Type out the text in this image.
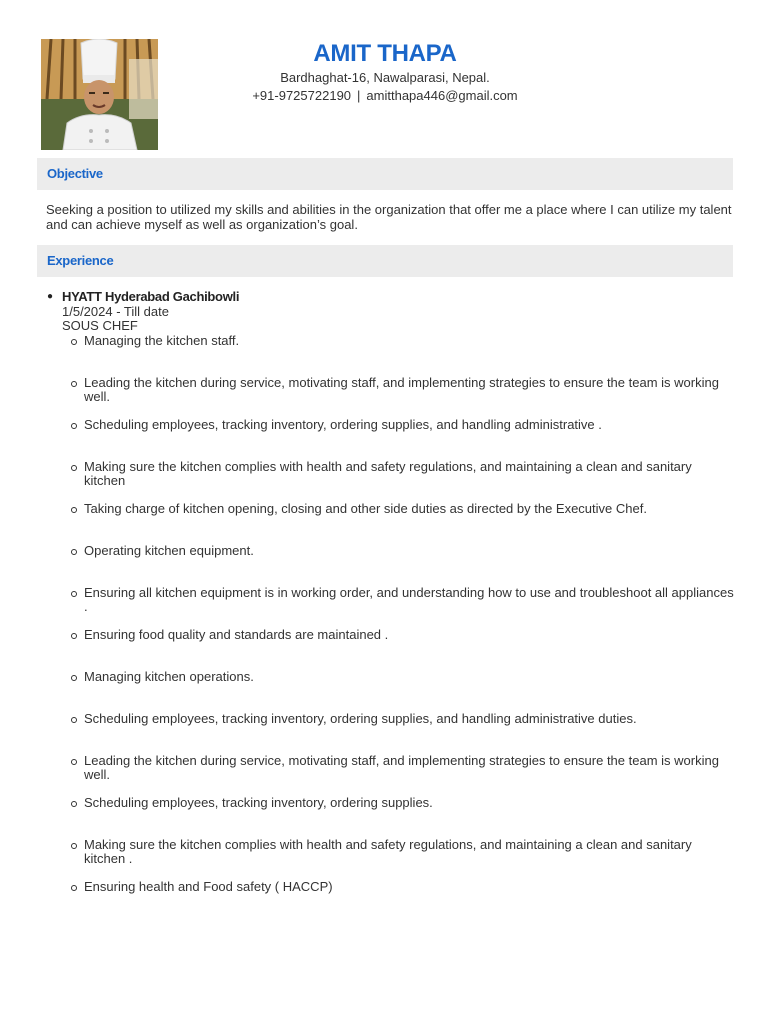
AMIT THAPA
Bardhaghat-16, Nawalparasi, Nepal.
+91-9725722190 | amitthapa446@gmail.com
Objective
Seeking a position to utilized my skills and abilities in the organization that offer me a place where I can utilize my talent and can achieve myself as well as organization’s goal.
Experience
● HYATT Hyderabad Gachibowli
1/5/2024 - Till date
SOUS CHEF
Managing the kitchen staff.
Leading the kitchen during service, motivating staff, and implementing strategies to ensure the team is working well.
Scheduling employees, tracking inventory, ordering supplies, and handling administrative .
Making sure the kitchen complies with health and safety regulations, and maintaining a clean and sanitary kitchen
Taking charge of kitchen opening, closing and other side duties as directed by the Executive Chef.
Operating kitchen equipment.
Ensuring all kitchen equipment is in working order, and understanding how to use and troubleshoot all appliances .
Ensuring food quality and standards are maintained .
Managing kitchen operations.
Scheduling employees, tracking inventory, ordering supplies, and handling administrative duties.
Leading the kitchen during service, motivating staff, and implementing strategies to ensure the team is working well.
Scheduling employees, tracking inventory, ordering supplies.
Making sure the kitchen complies with health and safety regulations, and maintaining a clean and sanitary kitchen .
Ensuring health and Food safety ( HACCP)
